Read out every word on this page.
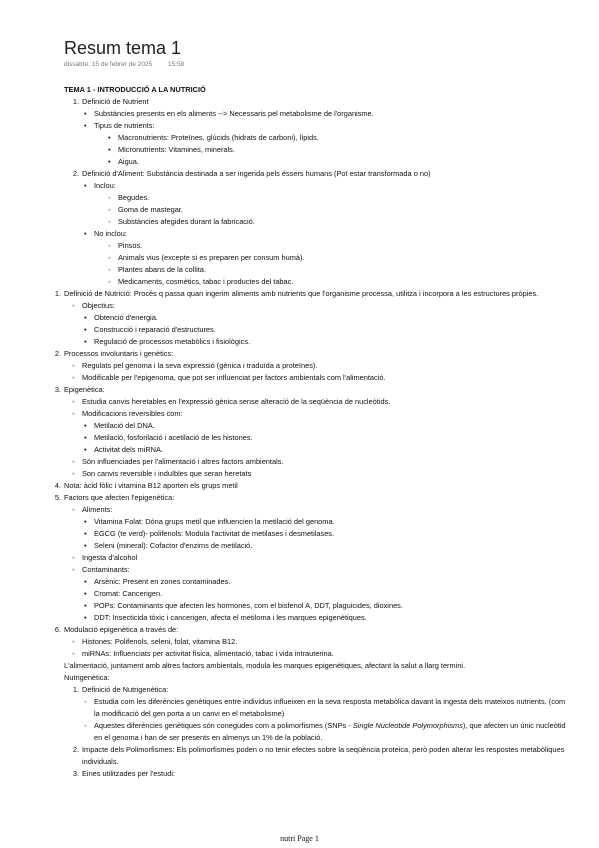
Resum tema 1
dissabte, 15 de febrer de 2025 15:58
TEMA 1 - INTRODUCCIÓ A LA NUTRICIÓ
1. Definició de Nutrient
•
Substàncies presents en els aliments --> Necessaris pel metabolisme de l'organisme.
•
Tipus de nutrients:
▪
Macronutrients: Proteïnes, glúcids (hidrats de carboni), lípids.
▪
Micronutrients: Vitamines, minerals.
▪
Aigua.
2. Definició d'Aliment: Substància destinada a ser ingerida pels éssers humans (Pot estar transformada o no)
•
Inclou:
◦
Begudes.
◦
Goma de mastegar.
◦
Substàncies afegides durant la fabricació.
•
No inclou:
◦
Pinsos.
◦
Animals vius (excepte si es preparen per consum humà).
◦
Plantes abans de la collita.
◦
Medicaments, cosmètics, tabac i productes del tabac.
1. Definició de Nutrició: Procés q passa quan ingerim aliments amb nutrients que l'organisme processa, utilitza i incorpora a les estructures pròpies.
◦
Objectius:
▪
Obtenció d'energia.
▪
Construcció i reparació d'estructures.
▪
Regulació de processos metabòlics i fisiològics.
2. Processos involuntaris i genètics:
◦
Regulats pel genoma i la seva expressió (gènica i traduïda a proteïnes).
◦
Modificable per l'epigenoma, que pot ser influenciat per factors ambientals com l'alimentació.
3. Epigenètica:
◦
Estudia canvis heretables en l'expressió gènica sense alteració de la seqüència de nucleòtids.
◦
Modificacions reversibles com:
▪
Metilació del DNA.
▪
Metilació, fosforilació i acetilació de les histones.
▪
Activitat dels miRNA.
◦
Són influenciades per l'alimentació i altres factors ambientals.
◦
Son canvis reversible i induïbles que seran heretats
4. Nota: àcid fòlic i vitamina B12 aporten els grups metil
5. Factors que afecten l'epigenètica:
◦
Aliments:
▪
Vitamina Folat: Dóna grups metil que influencien la metilació del genoma.
▪
EGCG (te verd)- polifenols: Modula l'activitat de metilases i desmetilases.
▪
Seleni (mineral): Cofactor d'enzims de metilació.
◦
Ingesta d'alcohol
◦
Contaminants:
▪
Arsènic: Present en zones contaminades.
▪
Cromat: Cancerigen.
▪
POPs: Contaminants que afecten les hormones, com el bisfenol A, DDT, plaguicides, dioxines.
▪
DDT: Insecticida tòxic i cancerigen, afecta el metiloma i les marques epigenètiques.
6. Modulació epigenètica a través de:
◦
Histones: Polifenols, seleni, folat, vitamina B12.
◦
miRNAs: Influenciats per activitat física, alimentació, tabac i vida intrauterina.
L'alimentació, juntament amb altres factors ambientals, modula les marques epigenètiques, afectant la salut a llarg termini.
Nutrigenètica:
1. Definició de Nutrigenètica:
◦
Estudia com les diferències genètiques entre individus influeixen en la seva resposta metabòlica davant la ingesta dels mateixos nutrients. (com la modificació del gen porta a un canvi en el metabolisme)
◦
Aquestes diferències genètiques són conegudes com a polimorfismes (SNPs - Single Nucleotide Polymorphisms), que afecten un únic nucleòtid en el genoma i han de ser presents en almenys un 1% de la població.
2. Impacte dels Polimorfismes: Els polimorfismes poden o no tenir efectes sobre la seqüència proteica, però poden alterar les respostes metabòliques individuals.
3. Eines utilitzades per l'estudi:
nutri Page 1
